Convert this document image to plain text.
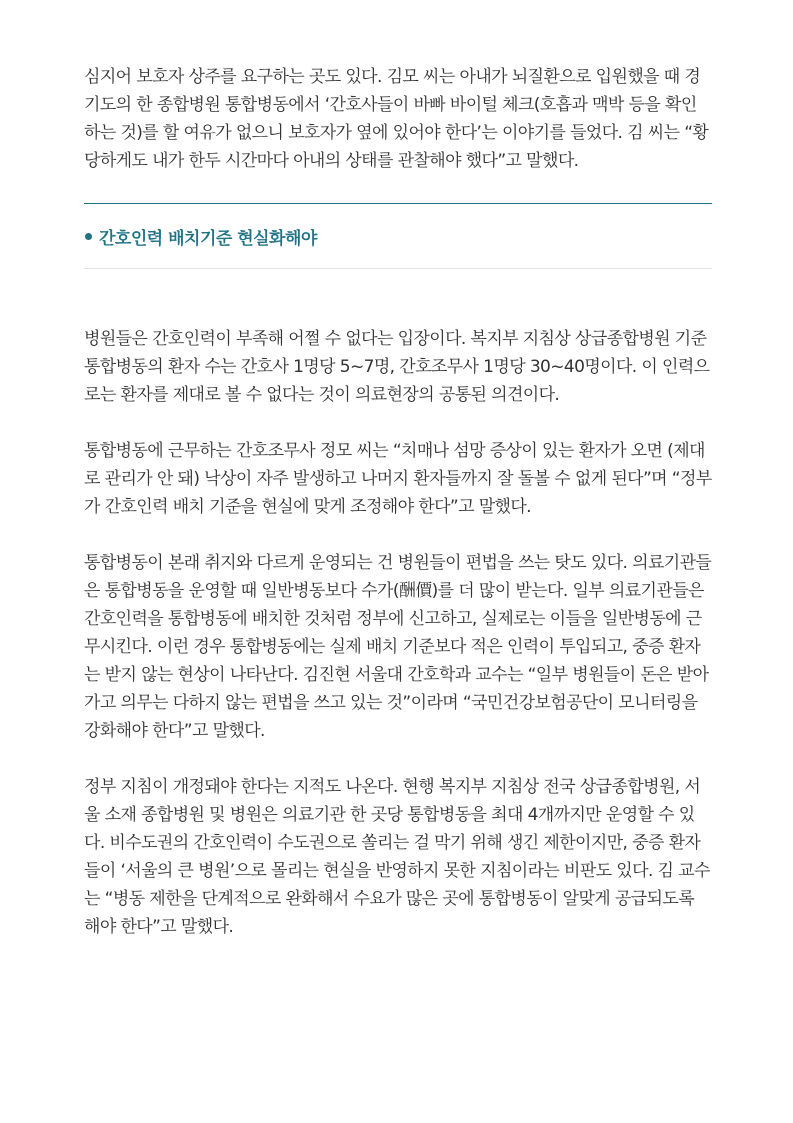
심지어 보호자 상주를 요구하는 곳도 있다. 김모 씨는 아내가 뇌질환으로 입원했을 때 경기도의 한 종합병원 통합병동에서 ‘간호사들이 바빠 바이털 체크(호흡과 맥박 등을 확인하는 것)를 할 여유가 없으니 보호자가 옆에 있어야 한다’는 이야기를 들었다. 김 씨는 “황당하게도 내가 한두 시간마다 아내의 상태를 관찰해야 했다”고 말했다.

간호인력 배치기준 현실화해야

병원들은 간호인력이 부족해 어쩔 수 없다는 입장이다. 복지부 지침상 상급종합병원 기준 통합병동의 환자 수는 간호사 1명당 5~7명, 간호조무사 1명당 30~40명이다. 이 인력으로는 환자를 제대로 볼 수 없다는 것이 의료현장의 공통된 의견이다.

통합병동에 근무하는 간호조무사 정모 씨는 “치매나 섬망 증상이 있는 환자가 오면 (제대로 관리가 안 돼) 낙상이 자주 발생하고 나머지 환자들까지 잘 돌볼 수 없게 된다”며 “정부가 간호인력 배치 기준을 현실에 맞게 조정해야 한다”고 말했다.

통합병동이 본래 취지와 다르게 운영되는 건 병원들이 편법을 쓰는 탓도 있다. 의료기관들은 통합병동을 운영할 때 일반병동보다 수가(酬價)를 더 많이 받는다. 일부 의료기관들은 간호인력을 통합병동에 배치한 것처럼 정부에 신고하고, 실제로는 이들을 일반병동에 근무시킨다. 이런 경우 통합병동에는 실제 배치 기준보다 적은 인력이 투입되고, 중증 환자는 받지 않는 현상이 나타난다. 김진현 서울대 간호학과 교수는 “일부 병원들이 돈은 받아가고 의무는 다하지 않는 편법을 쓰고 있는 것”이라며 “국민건강보험공단이 모니터링을 강화해야 한다”고 말했다.

정부 지침이 개정돼야 한다는 지적도 나온다. 현행 복지부 지침상 전국 상급종합병원, 서울 소재 종합병원 및 병원은 의료기관 한 곳당 통합병동을 최대 4개까지만 운영할 수 있다. 비수도권의 간호인력이 수도권으로 쏠리는 걸 막기 위해 생긴 제한이지만, 중증 환자들이 ‘서울의 큰 병원’으로 몰리는 현실을 반영하지 못한 지침이라는 비판도 있다. 김 교수는 “병동 제한을 단계적으로 완화해서 수요가 많은 곳에 통합병동이 알맞게 공급되도록 해야 한다”고 말했다.
